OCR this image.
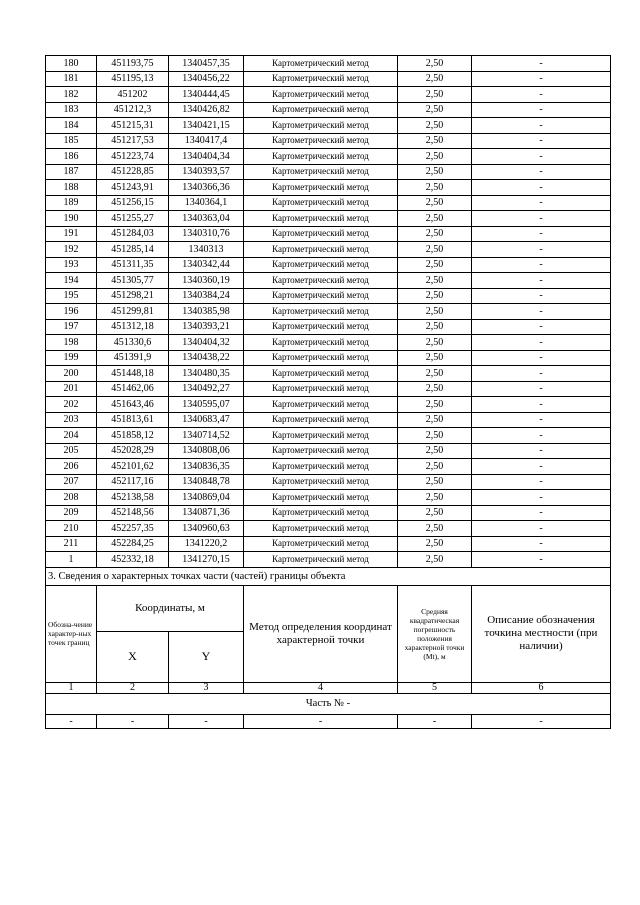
180	451193,75	1340457,35	Картометрический метод	2,50	-
181	451195,13	1340456,22	Картометрический метод	2,50	-
182	451202	1340444,45	Картометрический метод	2,50	-
183	451212,3	1340426,82	Картометрический метод	2,50	-
184	451215,31	1340421,15	Картометрический метод	2,50	-
185	451217,53	1340417,4	Картометрический метод	2,50	-
186	451223,74	1340404,34	Картометрический метод	2,50	-
187	451228,85	1340393,57	Картометрический метод	2,50	-
188	451243,91	1340366,36	Картометрический метод	2,50	-
189	451256,15	1340364,1	Картометрический метод	2,50	-
190	451255,27	1340363,04	Картометрический метод	2,50	-
191	451284,03	1340310,76	Картометрический метод	2,50	-
192	451285,14	1340313	Картометрический метод	2,50	-
193	451311,35	1340342,44	Картометрический метод	2,50	-
194	451305,77	1340360,19	Картометрический метод	2,50	-
195	451298,21	1340384,24	Картометрический метод	2,50	-
196	451299,81	1340385,98	Картометрический метод	2,50	-
197	451312,18	1340393,21	Картометрический метод	2,50	-
198	451330,6	1340404,32	Картометрический метод	2,50	-
199	451391,9	1340438,22	Картометрический метод	2,50	-
200	451448,18	1340480,35	Картометрический метод	2,50	-
201	451462,06	1340492,27	Картометрический метод	2,50	-
202	451643,46	1340595,07	Картометрический метод	2,50	-
203	451813,61	1340683,47	Картометрический метод	2,50	-
204	451858,12	1340714,52	Картометрический метод	2,50	-
205	452028,29	1340808,06	Картометрический метод	2,50	-
206	452101,62	1340836,35	Картометрический метод	2,50	-
207	452117,16	1340848,78	Картометрический метод	2,50	-
208	452138,58	1340869,04	Картометрический метод	2,50	-
209	452148,56	1340871,36	Картометрический метод	2,50	-
210	452257,35	1340960,63	Картометрический метод	2,50	-
211	452284,25	1341220,2	Картометрический метод	2,50	-
1	452332,18	1341270,15	Картометрический метод	2,50	-
3. Сведения о характерных точках части (частей) границы объекта					
Обозна-чение характер-ных точек границ	Координаты, м		Метод определения координат характерной точки	Средняя квадратическая погрешность положения характерной точки (Mt), м	Описание обозначения точкина местности (при наличии)
	X	Y			
1	2	3	4	5	6
Часть № -					
-	-	-	-	-	-
